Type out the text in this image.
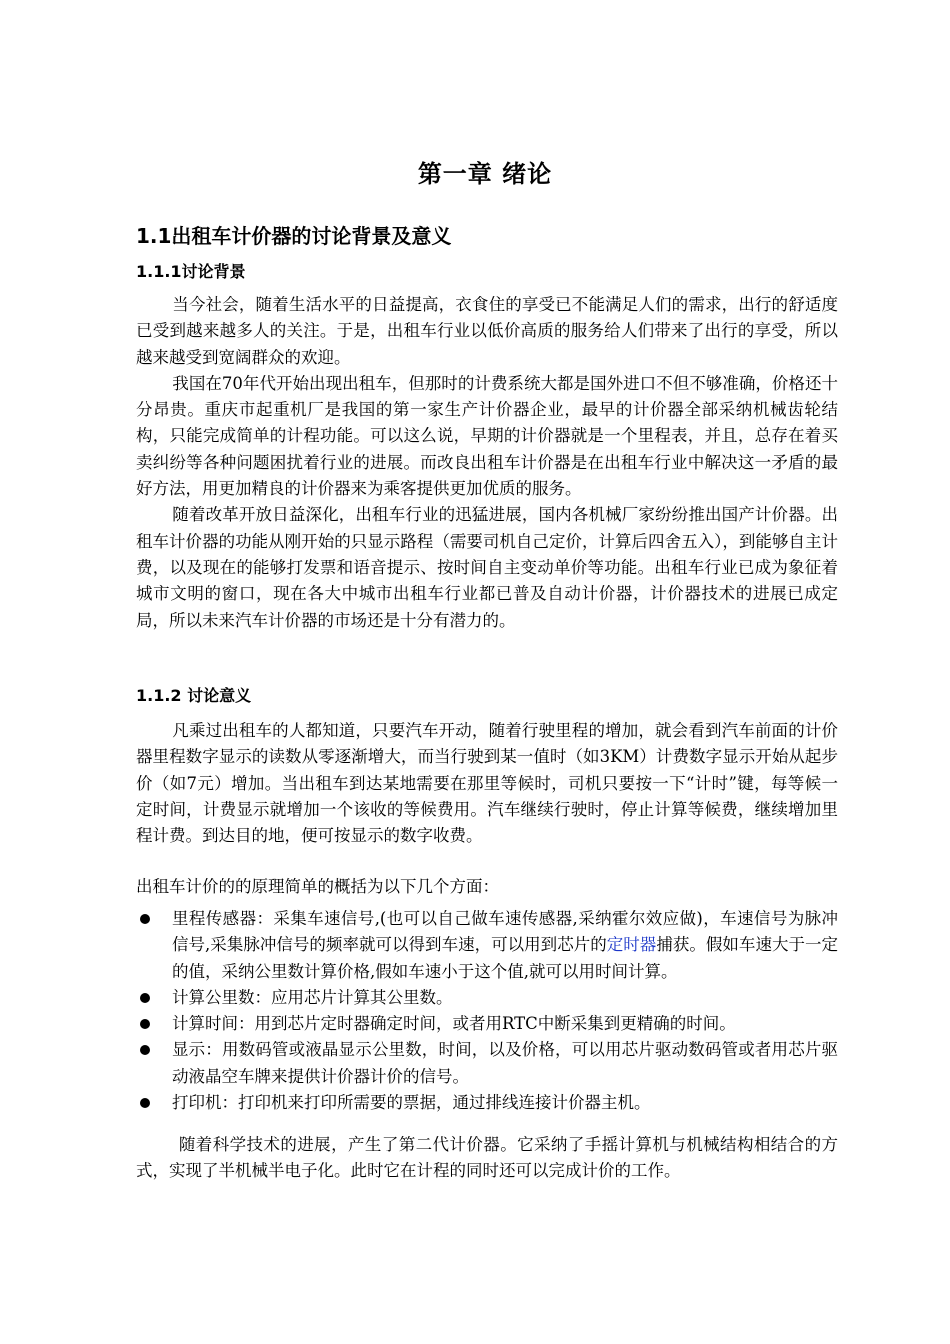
第一章 绪论
1.1出租车计价器的讨论背景及意义
1.1.1讨论背景

当今社会，随着生活水平的日益提高，衣食住的享受已不能满足人们的需求，出行的舒适度已受到越来越多人的关注。于是，出租车行业以低价高质的服务给人们带来了出行的享受，所以越来越受到宽阔群众的欢迎。

我国在70年代开始出现出租车，但那时的计费系统大都是国外进口不但不够准确，价格还十分昂贵。重庆市起重机厂是我国的第一家生产计价器企业，最早的计价器全部采纳机械齿轮结构，只能完成简单的计程功能。可以这么说，早期的计价器就是一个里程表，并且，总存在着买卖纠纷等各种问题困扰着行业的进展。而改良出租车计价器是在出租车行业中解决这一矛盾的最好方法，用更加精良的计价器来为乘客提供更加优质的服务。

随着改革开放日益深化，出租车行业的迅猛进展，国内各机械厂家纷纷推出国产计价器。出租车计价器的功能从刚开始的只显示路程（需要司机自己定价，计算后四舍五入），到能够自主计费，以及现在的能够打发票和语音提示、按时间自主变动单价等功能。出租车行业已成为象征着城市文明的窗口，现在各大中城市出租车行业都已普及自动计价器，计价器技术的进展已成定局，所以未来汽车计价器的市场还是十分有潜力的。

1.1.2 讨论意义

凡乘过出租车的人都知道，只要汽车开动，随着行驶里程的增加，就会看到汽车前面的计价器里程数字显示的读数从零逐渐增大，而当行驶到某一值时（如3KM）计费数字显示开始从起步价（如7元）增加。当出租车到达某地需要在那里等候时，司机只要按一下“计时”键，每等候一定时间，计费显示就增加一个该收的等候费用。汽车继续行驶时，停止计算等候费，继续增加里程计费。到达目的地，便可按显示的数字收费。

出租车计价的的原理简单的概括为以下几个方面：

里程传感器：采集车速信号,(也可以自己做车速传感器,采纳霍尔效应做)，车速信号为脉冲信号,采集脉冲信号的频率就可以得到车速，可以用到芯片的定时器捕获。假如车速大于一定的值，采纳公里数计算价格,假如车速小于这个值,就可以用时间计算。
计算公里数：应用芯片计算其公里数。
计算时间：用到芯片定时器确定时间，或者用RTC中断采集到更精确的时间。
显示：用数码管或液晶显示公里数，时间，以及价格，可以用芯片驱动数码管或者用芯片驱动液晶空车牌来提供计价器计价的信号。
打印机：打印机来打印所需要的票据，通过排线连接计价器主机。

随着科学技术的进展，产生了第二代计价器。它采纳了手摇计算机与机械结构相结合的方式，实现了半机械半电子化。此时它在计程的同时还可以完成计价的工作。
